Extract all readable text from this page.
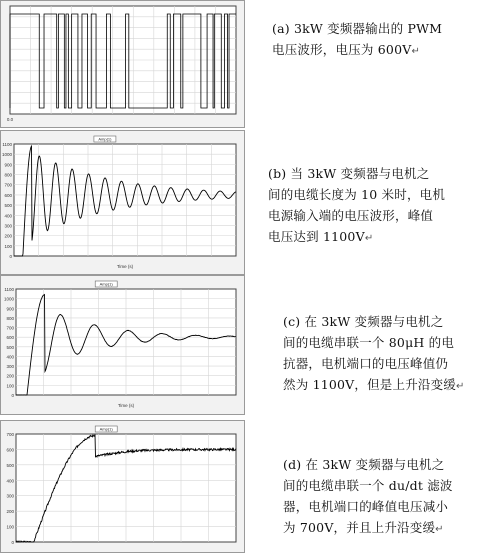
0.0
(a) 3kW 变频器输出的 PWM
电压波形，电压为 600V↵
1100
1000
900
800
700
600
500
400
300
200
100
0
Amp(1)
Time (s)
(b) 当 3kW 变频器与电机之
间的电缆长度为 10 米时，电机
电源输入端的电压波形，峰值
电压达到 1100V↵
1100
1000
900
800
700
600
500
400
300
200
100
0
Amp(1)
Time (s)
(c) 在 3kW 变频器与电机之
间的电缆串联一个 80μH 的电
抗器，电机端口的电压峰值仍
然为 1100V，但是上升沿变缓↵
700
600
500
400
300
200
100
0
Amp(1)
(d) 在 3kW 变频器与电机之
间的电缆串联一个 du/dt 滤波
器，电机端口的峰值电压减小
为 700V，并且上升沿变缓↵
